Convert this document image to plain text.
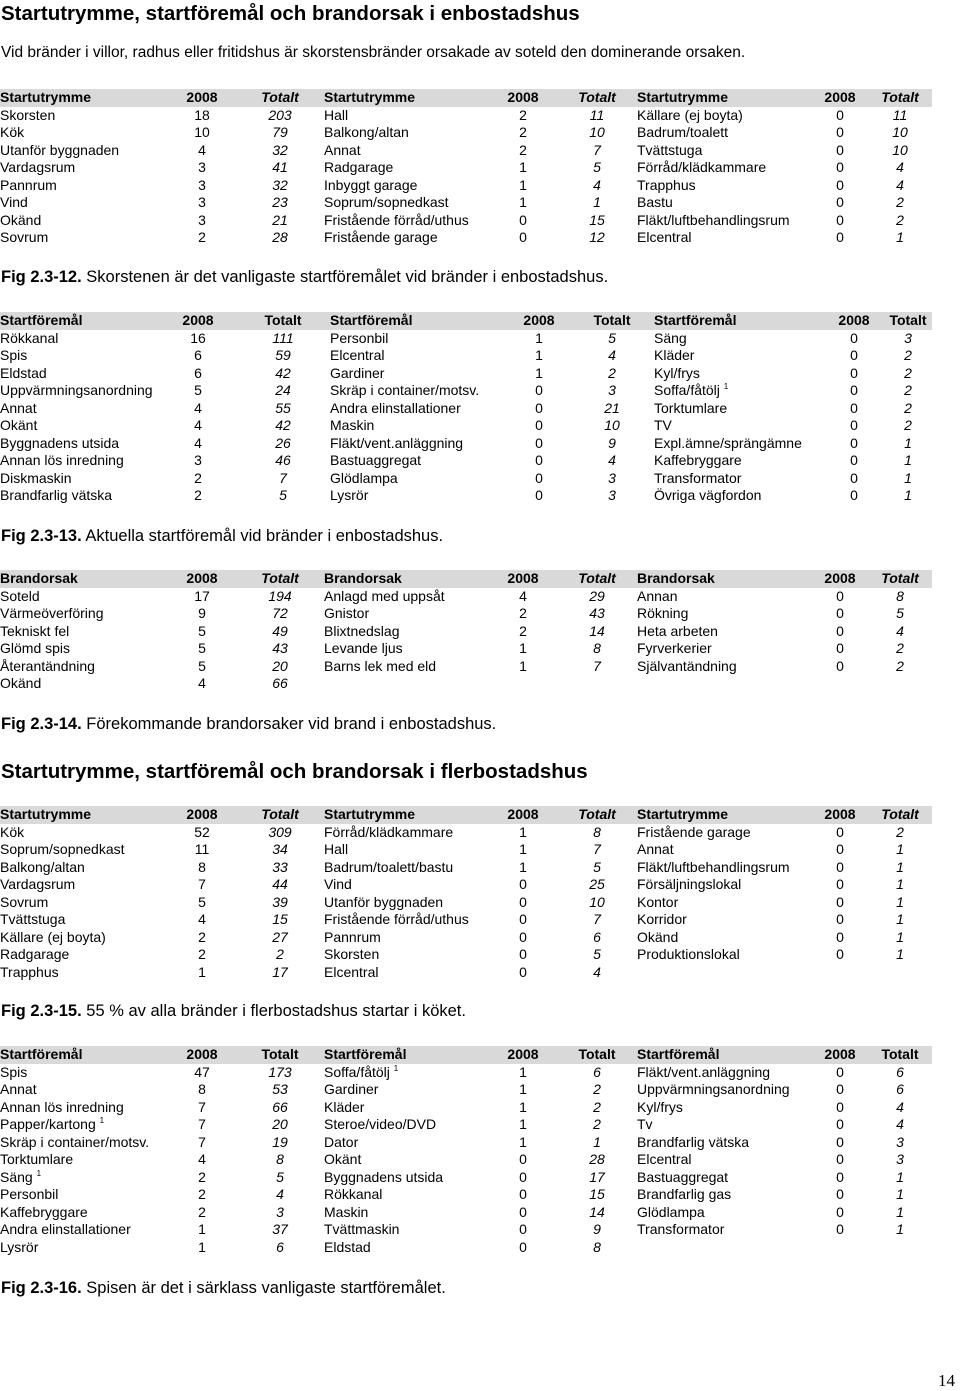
Startutrymme, startföremål och brandorsak i enbostadshus
Vid bränder i villor, radhus eller fritidshus är skorstensbränder orsakade av soteld den dominerande orsaken.
Startutrymme	2008	Totalt	Startutrymme	2008	Totalt	Startutrymme	2008	Totalt
Skorsten	18	203	Hall	2	11	Källare (ej boyta)	0	11
Kök	10	79	Balkong/altan	2	10	Badrum/toalett	0	10
Utanför byggnaden	4	32	Annat	2	7	Tvättstuga	0	10
Vardagsrum	3	41	Radgarage	1	5	Förråd/klädkammare	0	4
Pannrum	3	32	Inbyggt garage	1	4	Trapphus	0	4
Vind	3	23	Soprum/sopnedkast	1	1	Bastu	0	2
Okänd	3	21	Fristående förråd/uthus	0	15	Fläkt/luftbehandlingsrum	0	2
Sovrum	2	28	Fristående garage	0	12	Elcentral	0	1
Fig 2.3-12. Skorstenen är det vanligaste startföremålet vid bränder i enbostadshus.
Startföremål	2008	Totalt	Startföremål	2008	Totalt	Startföremål	2008	Totalt
Rökkanal	16	111	Personbil	1	5	Säng	0	3
Spis	6	59	Elcentral	1	4	Kläder	0	2
Eldstad	6	42	Gardiner	1	2	Kyl/frys	0	2
Uppvärmningsanordning	5	24	Skräp i container/motsv.	0	3	Soffa/fåtölj $^1$	0	2
Annat	4	55	Andra elinstallationer	0	21	Torktumlare	0	2
Okänt	4	42	Maskin	0	10	TV	0	2
Byggnadens utsida	4	26	Fläkt/vent.anläggning	0	9	Expl.ämne/sprängämne	0	1
Annan lös inredning	3	46	Bastuaggregat	0	4	Kaffebryggare	0	1
Diskmaskin	2	7	Glödlampa	0	3	Transformator	0	1
Brandfarlig vätska	2	5	Lysrör	0	3	Övriga vägfordon	0	1
Fig 2.3-13. Aktuella startföremål vid bränder i enbostadshus.
Brandorsak	2008	Totalt	Brandorsak	2008	Totalt	Brandorsak	2008	Totalt
Soteld	17	194	Anlagd med uppsåt	4	29	Annan	0	8
Värmeöverföring	9	72	Gnistor	2	43	Rökning	0	5
Tekniskt fel	5	49	Blixtnedslag	2	14	Heta arbeten	0	4
Glömd spis	5	43	Levande ljus	1	8	Fyrverkerier	0	2
Återantändning	5	20	Barns lek med eld	1	7	Självantändning	0	2
Okänd	4	66						
Fig 2.3-14. Förekommande brandorsaker vid brand i enbostadshus.
Startutrymme, startföremål och brandorsak i flerbostadshus
Startutrymme	2008	Totalt	Startutrymme	2008	Totalt	Startutrymme	2008	Totalt
Kök	52	309	Förråd/klädkammare	1	8	Fristående garage	0	2
Soprum/sopnedkast	11	34	Hall	1	7	Annat	0	1
Balkong/altan	8	33	Badrum/toalett/bastu	1	5	Fläkt/luftbehandlingsrum	0	1
Vardagsrum	7	44	Vind	0	25	Försäljningslokal	0	1
Sovrum	5	39	Utanför byggnaden	0	10	Kontor	0	1
Tvättstuga	4	15	Fristående förråd/uthus	0	7	Korridor	0	1
Källare (ej boyta)	2	27	Pannrum	0	6	Okänd	0	1
Radgarage	2	2	Skorsten	0	5	Produktionslokal	0	1
Trapphus	1	17	Elcentral	0	4			
Fig 2.3-15. 55 % av alla bränder i flerbostadshus startar i köket.
Startföremål	2008	Totalt	Startföremål	2008	Totalt	Startföremål	2008	Totalt
Spis	47	173	Soffa/fåtölj $^1$	1	6	Fläkt/vent.anläggning	0	6
Annat	8	53	Gardiner	1	2	Uppvärmningsanordning	0	6
Annan lös inredning	7	66	Kläder	1	2	Kyl/frys	0	4
Papper/kartong $^1$	7	20	Steroe/video/DVD	1	2	Tv	0	4
Skräp i container/motsv.	7	19	Dator	1	1	Brandfarlig vätska	0	3
Torktumlare	4	8	Okänt	0	28	Elcentral	0	3
Säng $^1$	2	5	Byggnadens utsida	0	17	Bastuaggregat	0	1
Personbil	2	4	Rökkanal	0	15	Brandfarlig gas	0	1
Kaffebryggare	2	3	Maskin	0	14	Glödlampa	0	1
Andra elinstallationer	1	37	Tvättmaskin	0	9	Transformator	0	1
Lysrör	1	6	Eldstad	0	8			
Fig 2.3-16. Spisen är det i särklass vanligaste startföremålet.
14
